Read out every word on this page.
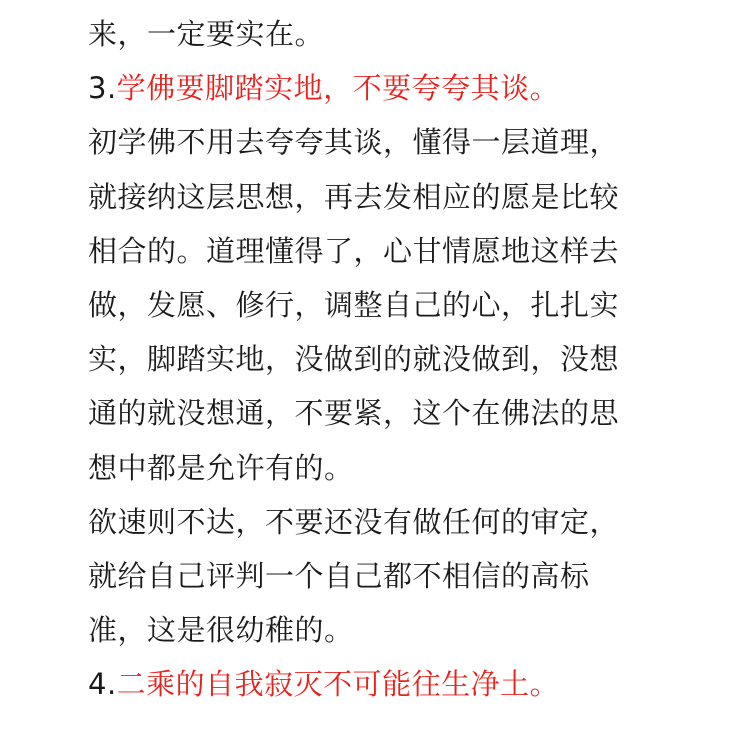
来，一定要实在。
3.学佛要脚踏实地，不要夸夸其谈。
初学佛不用去夸夸其谈，懂得一层道理，
就接纳这层思想，再去发相应的愿是比较
相合的。道理懂得了，心甘情愿地这样去
做，发愿、修行，调整自己的心，扎扎实
实，脚踏实地，没做到的就没做到，没想
通的就没想通，不要紧，这个在佛法的思
想中都是允许有的。
欲速则不达，不要还没有做任何的审定，
就给自己评判一个自己都不相信的高标
准，这是很幼稚的。
4.二乘的自我寂灭不可能往生净土。
